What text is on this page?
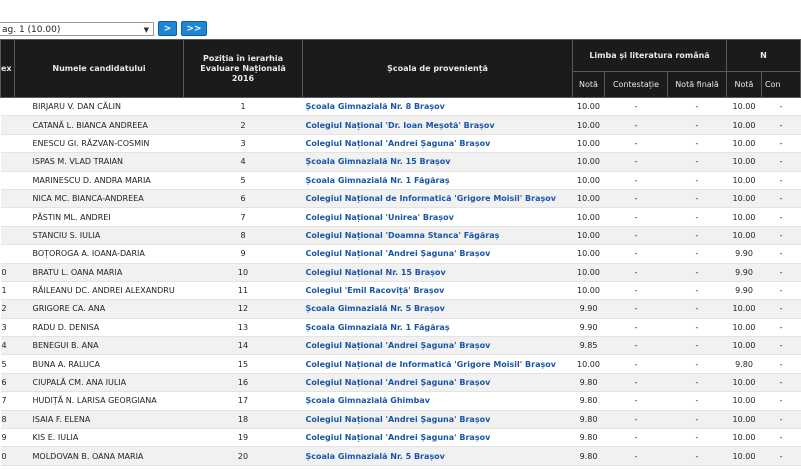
ag. 1 (10.00)	▼	>	>>
ex	Numele candidatului	Poziția în ierarhia Evaluare Națională 2016	Școala de proveniență	Limba și literatura română			N	
				Notă	Contestație	Notă finală	Notă	Con
	BIRJARU V. DAN CĂLIN	1	Școala Gimnazială Nr. 8 Brașov	10.00	-	-	10.00	-
	CATANĂ L. BIANCA ANDREEA	2	Colegiul Național 'Dr. Ioan Meșotă' Brașov	10.00	-	-	10.00	-
	ENESCU GI. RĂZVAN-COSMIN	3	Colegiul Național 'Andrei Șaguna' Brașov	10.00	-	-	10.00	-
	ISPAS M. VLAD TRAIAN	4	Școala Gimnazială Nr. 15 Brașov	10.00	-	-	10.00	-
	MARINESCU D. ANDRA MARIA	5	Școala Gimnazială Nr. 1 Făgăraș	10.00	-	-	10.00	-
	NICA MC. BIANCA-ANDREEA	6	Colegiul Național de Informatică 'Grigore Moisil' Brașov	10.00	-	-	10.00	-
	PĂSTIN ML. ANDREI	7	Colegiul Național 'Unirea' Brașov	10.00	-	-	10.00	-
	STANCIU S. IULIA	8	Colegiul Național 'Doamna Stanca' Făgăraș	10.00	-	-	10.00	-
	BOȚOROGA A. IOANA-DARIA	9	Colegiul Național 'Andrei Șaguna' Brașov	10.00	-	-	9.90	-
0	BRATU L. OANA MARIA	10	Colegiul Național Nr. 15 Brașov	10.00	-	-	9.90	-
1	RĂILEANU DC. ANDREI ALEXANDRU	11	Colegiul 'Emil Racoviță' Brașov	10.00	-	-	9.90	-
2	GRIGORE CA. ANA	12	Școala Gimnazială Nr. 5 Brașov	9.90	-	-	10.00	-
3	RADU D. DENISA	13	Școala Gimnazială Nr. 1 Făgăraș	9.90	-	-	10.00	-
4	BENEGUI B. ANA	14	Colegiul Național 'Andrei Șaguna' Brașov	9.85	-	-	10.00	-
5	BUNA A. RALUCA	15	Colegiul Național de Informatică 'Grigore Moisil' Brașov	10.00	-	-	9.80	-
6	CIUPALĂ CM. ANA IULIA	16	Colegiul Național 'Andrei Șaguna' Brașov	9.80	-	-	10.00	-
7	HUDIȚĂ N. LARISA GEORGIANA	17	Școala Gimnazială Ghimbav	9.80	-	-	10.00	-
8	ISAIA F. ELENA	18	Colegiul Național 'Andrei Șaguna' Brașov	9.80	-	-	10.00	-
9	KIS E. IULIA	19	Colegiul Național 'Andrei Șaguna' Brașov	9.80	-	-	10.00	-
0	MOLDOVAN B. OANA MARIA	20	Școala Gimnazială Nr. 5 Brașov	9.80	-	-	10.00	-
